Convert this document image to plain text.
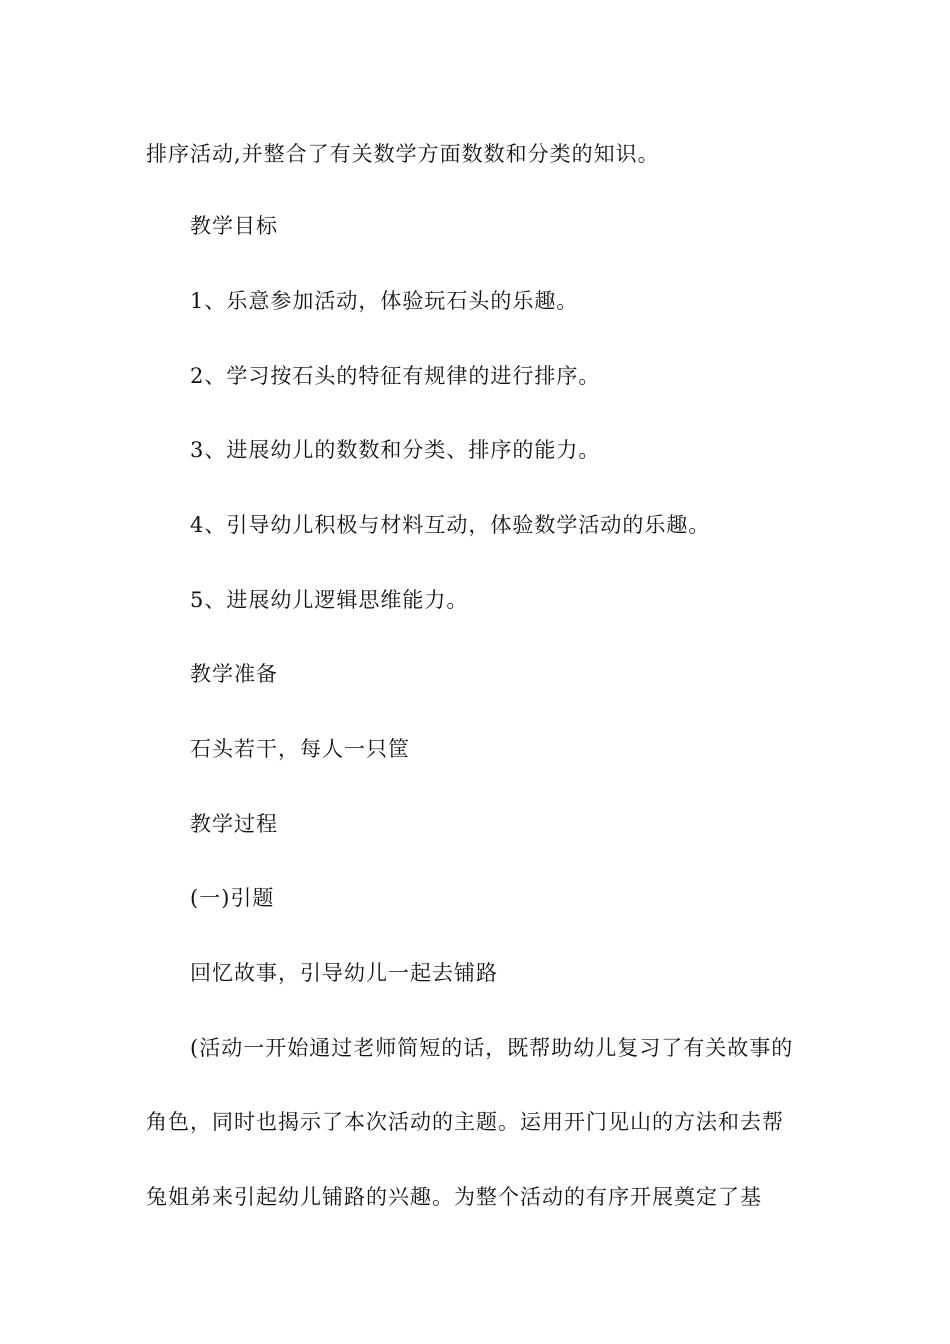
排序活动,并整合了有关数学方面数数和分类的知识。
教学目标
1、乐意参加活动，体验玩石头的乐趣。
2、学习按石头的特征有规律的进行排序。
3、进展幼儿的数数和分类、排序的能力。
4、引导幼儿积极与材料互动，体验数学活动的乐趣。
5、进展幼儿逻辑思维能力。
教学准备
石头若干，每人一只筐
教学过程
(一)引题
回忆故事，引导幼儿一起去铺路
(活动一开始通过老师简短的话，既帮助幼儿复习了有关故事的
角色，同时也揭示了本次活动的主题。运用开门见山的方法和去帮
兔姐弟来引起幼儿铺路的兴趣。为整个活动的有序开展奠定了基
